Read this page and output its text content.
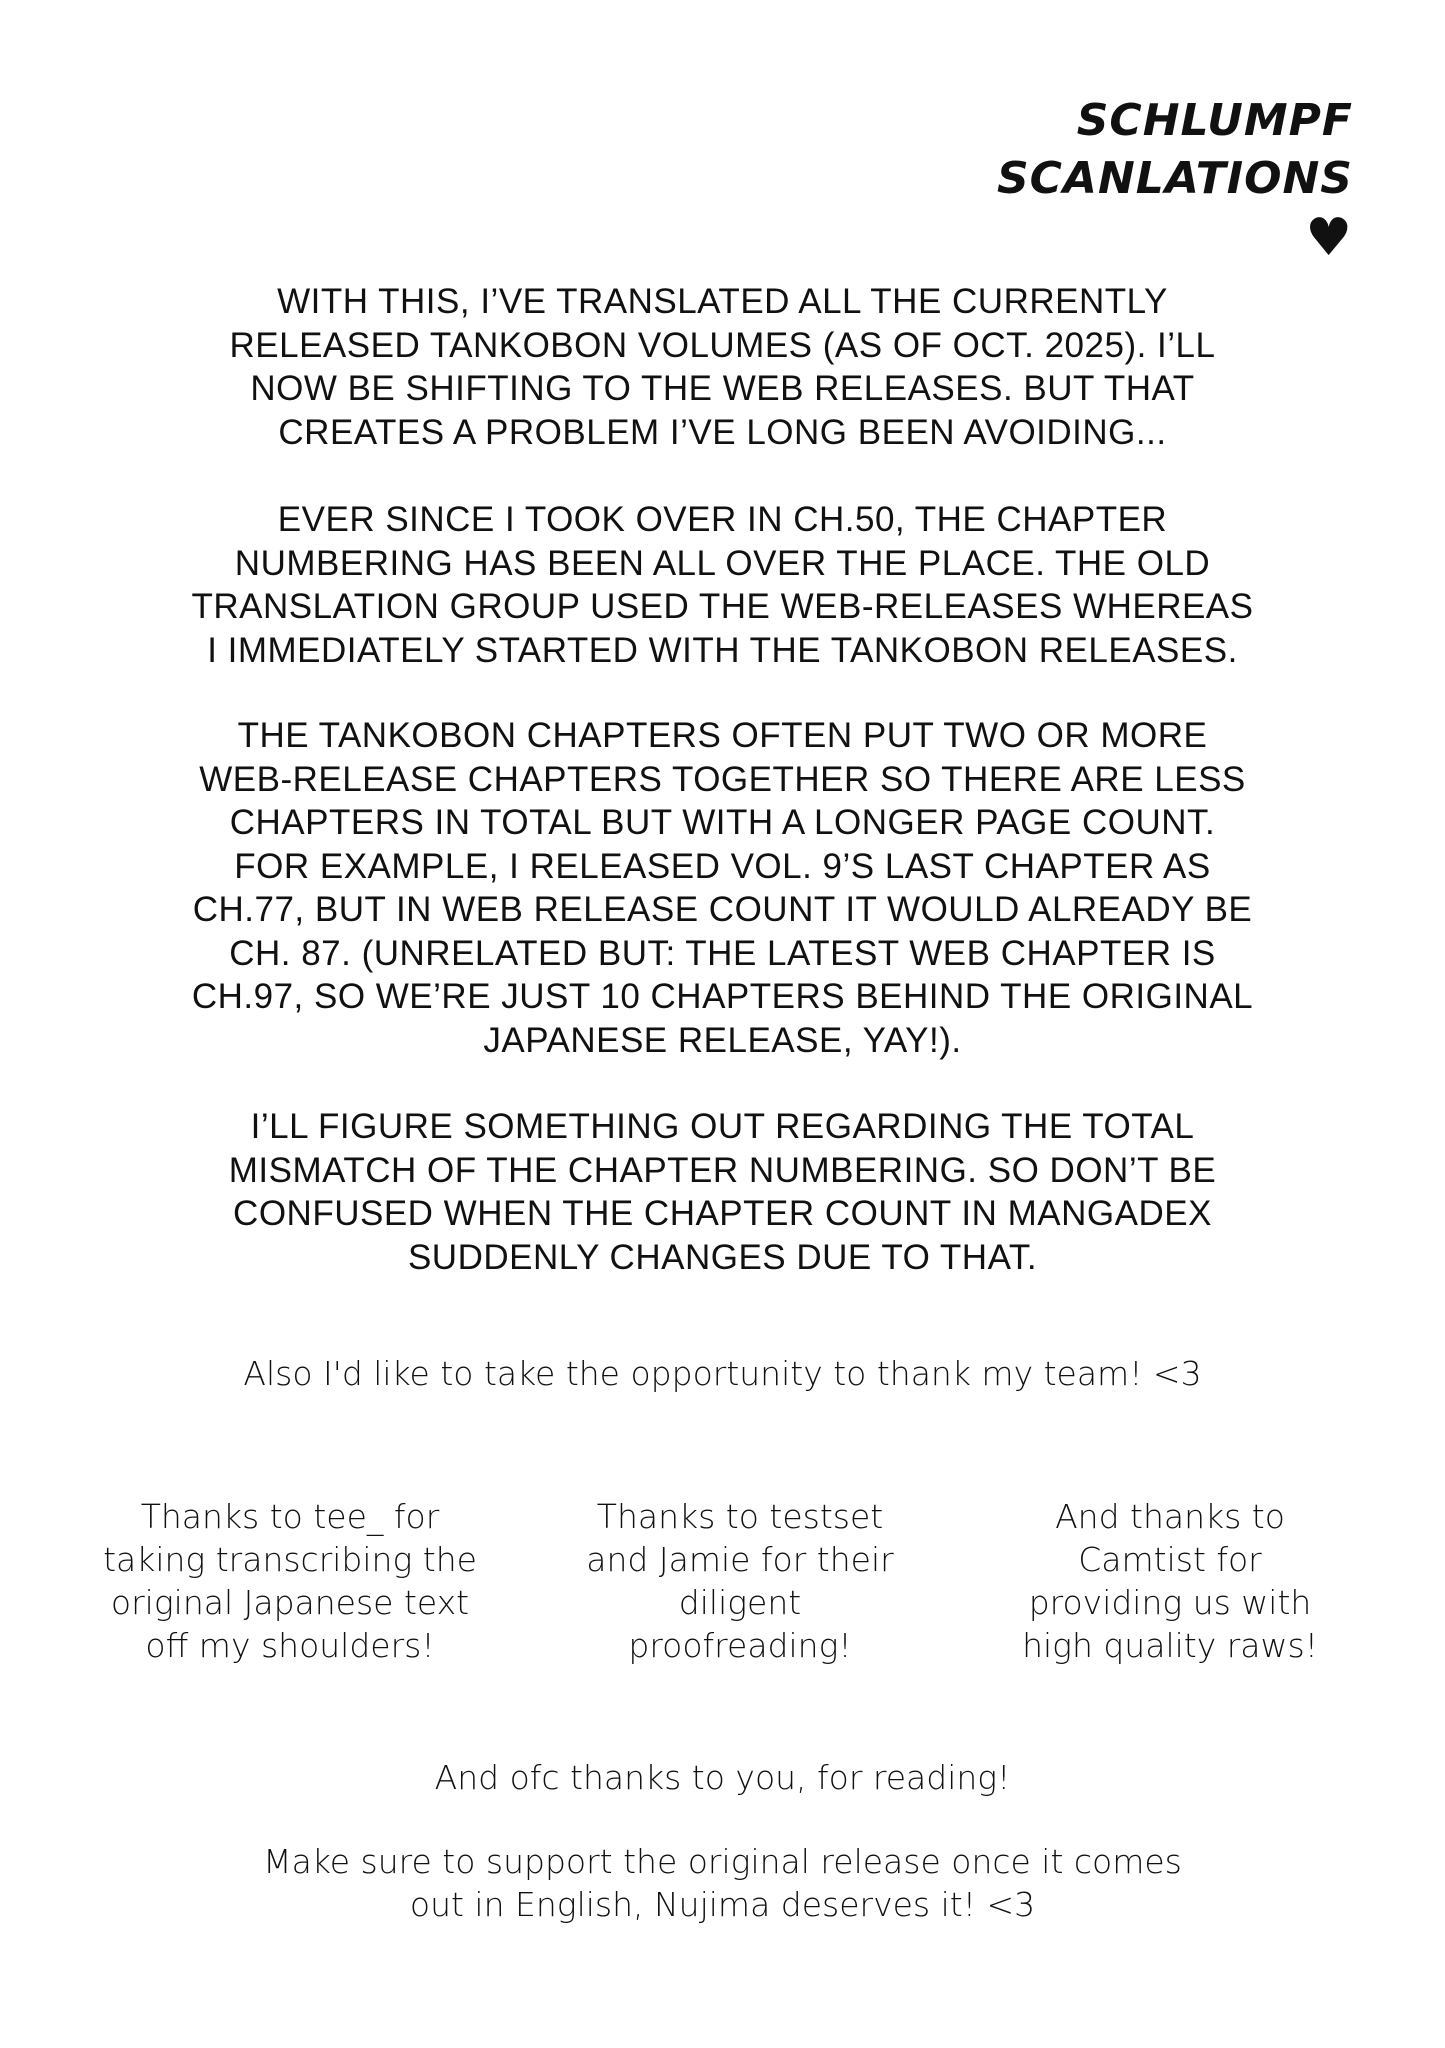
SCHLUMPF
SCANLATIONS
♥
WITH THIS, I’VE TRANSLATED ALL THE CURRENTLY
RELEASED TANKOBON VOLUMES (AS OF OCT. 2025). I’LL
NOW BE SHIFTING TO THE WEB RELEASES. BUT THAT
CREATES A PROBLEM I’VE LONG BEEN AVOIDING...
EVER SINCE I TOOK OVER IN CH.50, THE CHAPTER
NUMBERING HAS BEEN ALL OVER THE PLACE. THE OLD
TRANSLATION GROUP USED THE WEB-RELEASES WHEREAS
I IMMEDIATELY STARTED WITH THE TANKOBON RELEASES.
THE TANKOBON CHAPTERS OFTEN PUT TWO OR MORE
WEB-RELEASE CHAPTERS TOGETHER SO THERE ARE LESS
CHAPTERS IN TOTAL BUT WITH A LONGER PAGE COUNT.
FOR EXAMPLE, I RELEASED VOL. 9’S LAST CHAPTER AS
CH.77, BUT IN WEB RELEASE COUNT IT WOULD ALREADY BE
CH. 87. (UNRELATED BUT: THE LATEST WEB CHAPTER IS
CH.97, SO WE’RE JUST 10 CHAPTERS BEHIND THE ORIGINAL
JAPANESE RELEASE, YAY!).
I’LL FIGURE SOMETHING OUT REGARDING THE TOTAL
MISMATCH OF THE CHAPTER NUMBERING. SO DON’T BE
CONFUSED WHEN THE CHAPTER COUNT IN MANGADEX
SUDDENLY CHANGES DUE TO THAT.
Also I'd like to take the opportunity to thank my team! <3
Thanks to tee_ for
taking transcribing the
original Japanese text
off my shoulders!
Thanks to testset
and Jamie for their
diligent
proofreading!
And thanks to
Camtist for
providing us with
high quality raws!
And ofc thanks to you, for reading!
Make sure to support the original release once it comes
out in English, Nujima deserves it! <3
